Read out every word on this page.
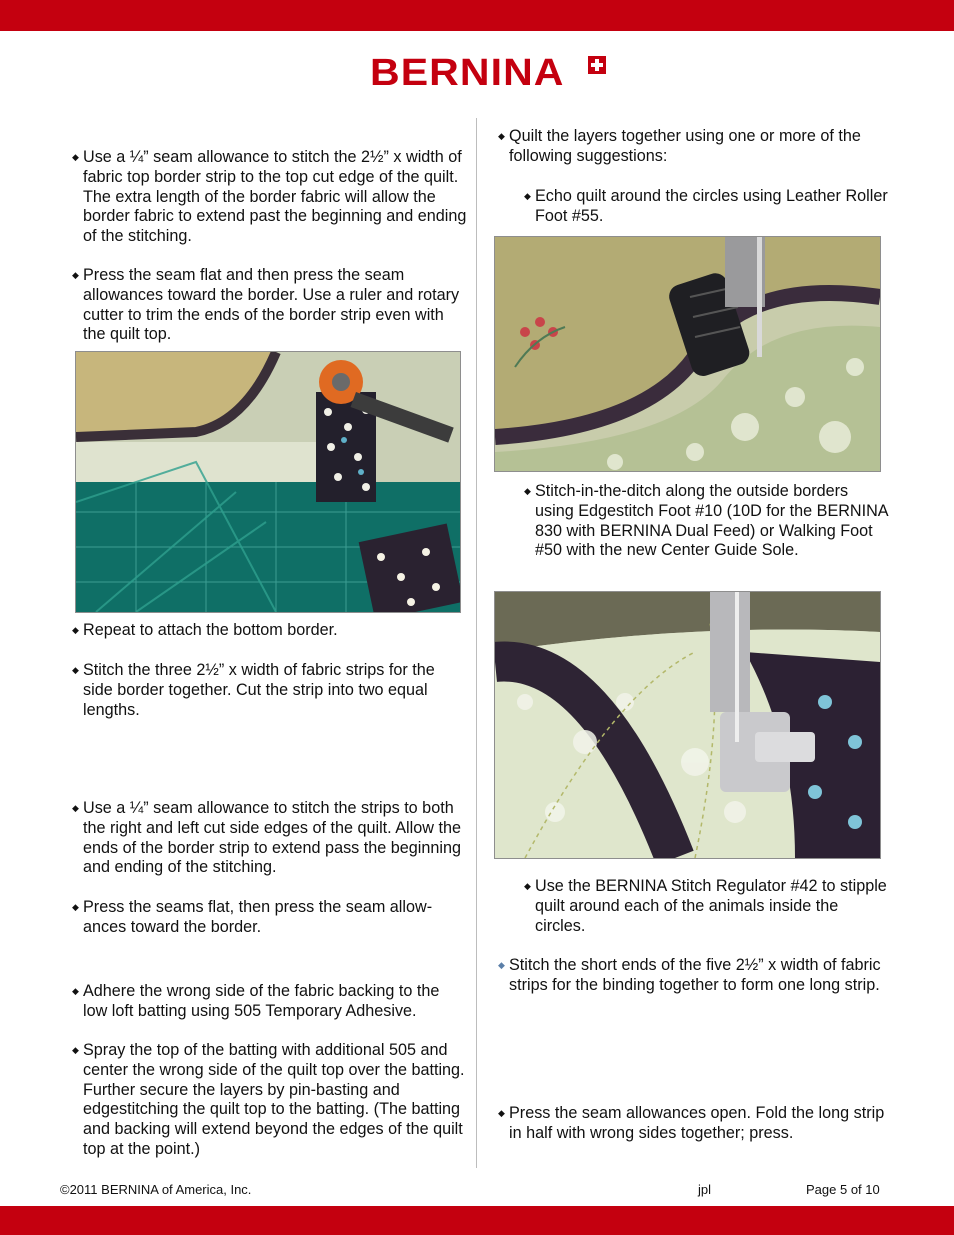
BERNINA
◆ Use a ¼” seam allowance to stitch the 2½” x width of fabric top border strip to the top cut edge of the quilt. The extra length of the border fabric will allow the border fabric to extend past the beginning and ending of the stitching.

◆ Press the seam flat and then press the seam allowances toward the border. Use a ruler and rotary cutter to trim the ends of the border strip even with the quilt top.

◆ Repeat to attach the bottom border.

◆ Stitch the three 2½” x width of fabric strips for the side border together. Cut the strip into two equal lengths.

◆ Use a ¼” seam allowance to stitch the strips to both the right and left cut side edges of the quilt. Allow the ends of the border strip to extend pass the beginning and ending of the stitching.

◆ Press the seams flat, then press the seam allow-ances toward the border.

◆ Adhere the wrong side of the fabric backing to the low loft batting using 505 Temporary Adhesive.

◆ Spray the top of the batting with additional 505 and center the wrong side of the quilt top over the batting. Further secure the layers by pin-basting and edgestitching the quilt top to the batting. (The batting and backing will extend beyond the edges of the quilt top at the point.)

◆ Quilt the layers together using one or more of the following suggestions:

◆ Echo quilt around the circles using Leather Roller Foot #55.

◆ Stitch-in-the-ditch along the outside borders using Edgestitch Foot #10 (10D for the BERNINA 830 with BERNINA Dual Feed) or Walking Foot #50 with the new Center Guide Sole.

◆ Use the BERNINA Stitch Regulator #42 to stipple quilt around each of the animals inside the circles.

◆ Stitch the short ends of the five 2½” x width of fabric strips for the binding together to form one long strip.

◆ Press the seam allowances open. Fold the long strip in half with wrong sides together; press.

©2011 BERNINA of America, Inc.	jpl	Page 5 of 10
